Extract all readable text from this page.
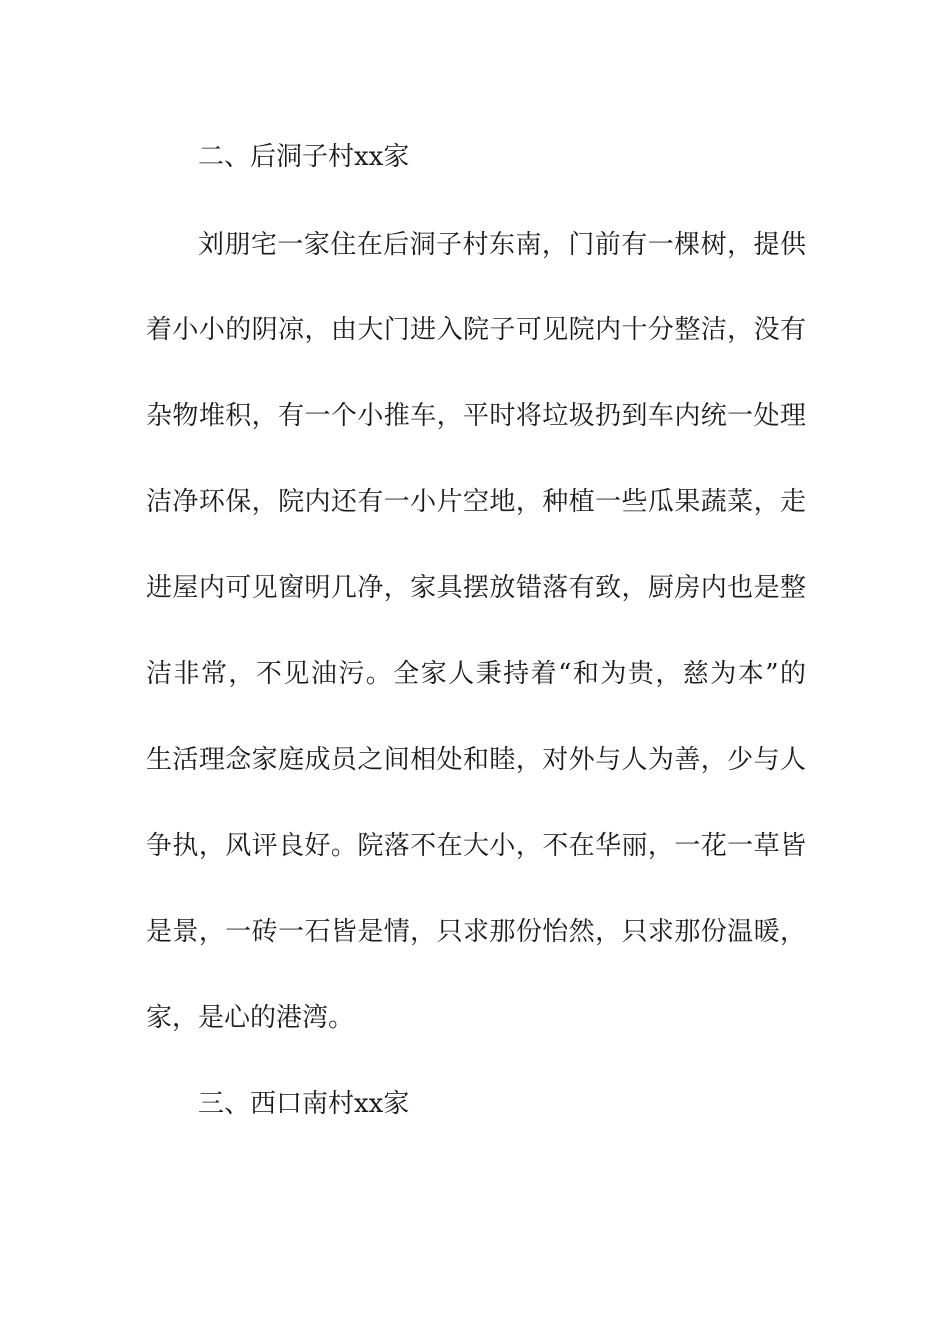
二、后洞子村xx家
刘朋宅一家住在后洞子村东南，门前有一棵树，提供
着小小的阴凉，由大门进入院子可见院内十分整洁，没有
杂物堆积，有一个小推车，平时将垃圾扔到车内统一处理
洁净环保，院内还有一小片空地，种植一些瓜果蔬菜，走
进屋内可见窗明几净，家具摆放错落有致，厨房内也是整
洁非常，不见油污。全家人秉持着“和为贵，慈为本”的
生活理念家庭成员之间相处和睦，对外与人为善，少与人
争执，风评良好。院落不在大小，不在华丽，一花一草皆
是景，一砖一石皆是情，只求那份怡然，只求那份温暖，
家，是心的港湾。
三、西口南村xx家
